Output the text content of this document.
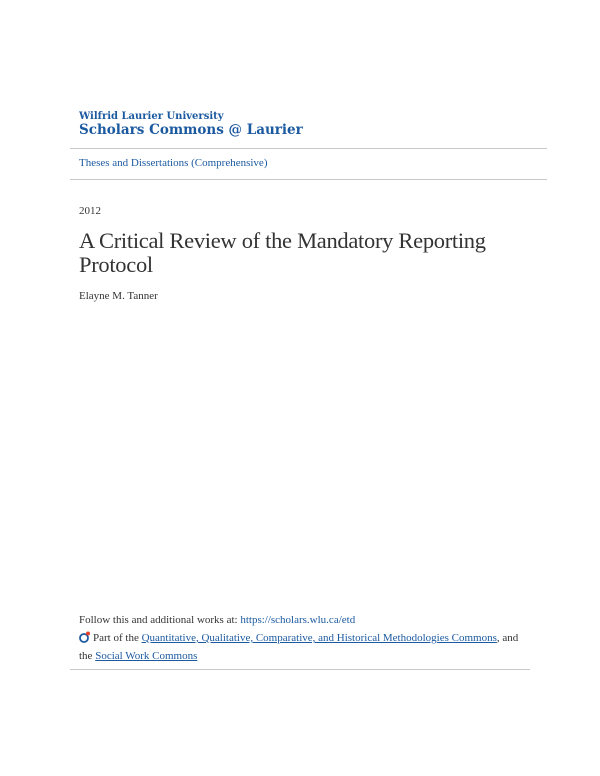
Wilfrid Laurier University
Scholars Commons @ Laurier
Theses and Dissertations (Comprehensive)
2012
A Critical Review of the Mandatory Reporting Protocol
Elayne M. Tanner
Follow this and additional works at: https://scholars.wlu.ca/etd
Part of the Quantitative, Qualitative, Comparative, and Historical Methodologies Commons, and
the Social Work Commons
